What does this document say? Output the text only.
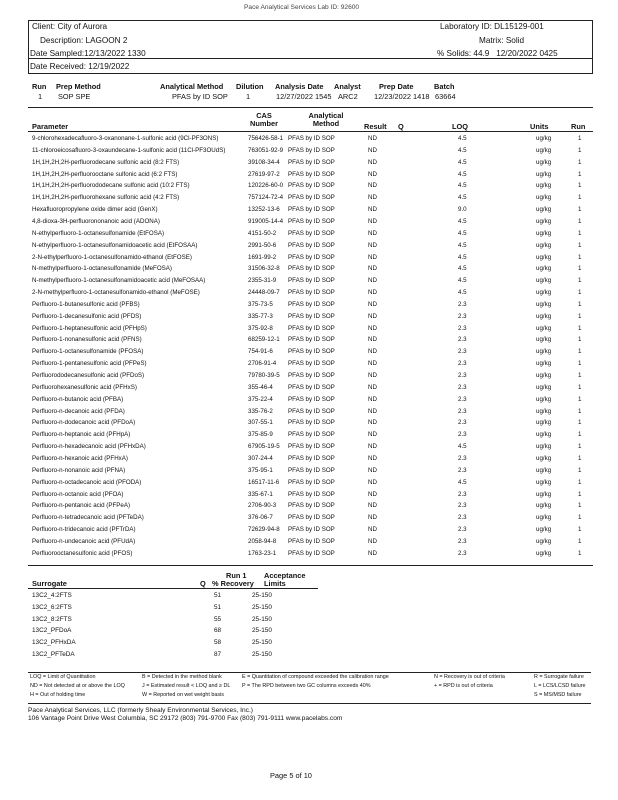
Pace Analytical Services Lab ID: 92600
Client: City of Aurora	Laboratory ID: DL15129-001
Description: LAGOON 2	Matrix: Solid
Date Sampled:12/13/2022 1330	% Solids: 44.9 12/20/2022 0425
Date Received: 12/19/2022
Run Prep Method	Analytical Method Dilution Analysis Date Analyst Prep Date	Batch
1 SOP SPE	PFAS by ID SOP 1	12/27/2022 1545 ARC2 12/23/2022 1418 63664
Parameter
CAS Number
Analytical Method	Result Q	LOQ	Units	Run
9-chlorohexadecafluoro-3-oxanonane-1-sulfonic acid (9Cl-PF3ONS)	756426-58-1 PFAS by ID SOP	ND	4.5	ug/kg	1
11-chloroeicosafluoro-3-oxaundecane-1-sulfonic acid (11Cl-PF3OUdS)	763051-92-9 PFAS by ID SOP	ND	4.5	ug/kg	1
1H,1H,2H,2H-perfluorodecane sulfonic acid (8:2 FTS)	39108-34-4 PFAS by ID SOP	ND	4.5	ug/kg	1
1H,1H,2H,2H-perfluorooctane sulfonic acid (6:2 FTS)	27619-97-2 PFAS by ID SOP	ND	4.5	ug/kg	1
1H,1H,2H,2H-perfluorododecane sulfonic acid (10:2 FTS)	120226-60-0 PFAS by ID SOP	ND	4.5	ug/kg	1
1H,1H,2H,2H-perfluorohexane sulfonic acid (4:2 FTS)	757124-72-4 PFAS by ID SOP	ND	4.5	ug/kg	1
Hexafluoropropylene oxide dimer acid (GenX)	13252-13-6 PFAS by ID SOP	ND	9.0	ug/kg	1
4,8-dioxa-3H-perfluorononanoic acid (ADONA)	919005-14-4 PFAS by ID SOP	ND	4.5	ug/kg	1
N-ethylperfluoro-1-octanesulfonamide (EtFOSA)	4151-50-2 PFAS by ID SOP	ND	4.5	ug/kg	1
N-ethylperfluoro-1-octanesulfonamidoacetic acid (EtFOSAA)	2991-50-6 PFAS by ID SOP	ND	4.5	ug/kg	1
2-N-ethylperfluoro-1-octanesulfonamido-ethanol (EtFOSE)	1691-99-2 PFAS by ID SOP	ND	4.5	ug/kg	1
N-methylperfluoro-1-octanesulfonamide (MeFOSA)	31506-32-8 PFAS by ID SOP	ND	4.5	ug/kg	1
N-methylperfluoro-1-octanesulfonamidoacetic acid (MeFOSAA)	2355-31-9 PFAS by ID SOP	ND	4.5	ug/kg	1
2-N-methylperfluoro-1-octanesulfonamido-ethanol (MeFOSE)	24448-09-7 PFAS by ID SOP	ND	4.5	ug/kg	1
Perfluoro-1-butanesulfonic acid (PFBS)	375-73-5 PFAS by ID SOP	ND	2.3	ug/kg	1
Perfluoro-1-decanesulfonic acid (PFDS)	335-77-3 PFAS by ID SOP	ND	2.3	ug/kg	1
Perfluoro-1-heptanesulfonic acid (PFHpS)	375-92-8 PFAS by ID SOP	ND	2.3	ug/kg	1
Perfluoro-1-nonanesulfonic acid (PFNS)	68259-12-1 PFAS by ID SOP	ND	2.3	ug/kg	1
Perfluoro-1-octanesulfonamide (PFOSA)	754-91-6 PFAS by ID SOP	ND	2.3	ug/kg	1
Perfluoro-1-pentanesulfonic acid (PFPeS)	2706-91-4 PFAS by ID SOP	ND	2.3	ug/kg	1
Perfluorododecanesulfonic acid (PFDoS)	79780-39-5 PFAS by ID SOP	ND	2.3	ug/kg	1
Perfluorohexanesulfonic acid (PFHxS)	355-46-4 PFAS by ID SOP	ND	2.3	ug/kg	1
Perfluoro-n-butanoic acid (PFBA)	375-22-4 PFAS by ID SOP	ND	2.3	ug/kg	1
Perfluoro-n-decanoic acid (PFDA)	335-76-2 PFAS by ID SOP	ND	2.3	ug/kg	1
Perfluoro-n-dodecanoic acid (PFDoA)	307-55-1 PFAS by ID SOP	ND	2.3	ug/kg	1
Perfluoro-n-heptanoic acid (PFHpA)	375-85-9 PFAS by ID SOP	ND	2.3	ug/kg	1
Perfluoro-n-hexadecanoic acid (PFHxDA)	67905-19-5 PFAS by ID SOP	ND	4.5	ug/kg	1
Perfluoro-n-hexanoic acid (PFHxA)	307-24-4 PFAS by ID SOP	ND	2.3	ug/kg	1
Perfluoro-n-nonanoic acid (PFNA)	375-95-1 PFAS by ID SOP	ND	2.3	ug/kg	1
Perfluoro-n-octadecanoic acid (PFODA)	16517-11-6 PFAS by ID SOP	ND	4.5	ug/kg	1
Perfluoro-n-octanoic acid (PFOA)	335-67-1 PFAS by ID SOP	ND	2.3	ug/kg	1
Perfluoro-n-pentanoic acid (PFPeA)	2706-90-3 PFAS by ID SOP	ND	2.3	ug/kg	1
Perfluoro-n-tetradecanoic acid (PFTeDA)	376-06-7 PFAS by ID SOP	ND	2.3	ug/kg	1
Perfluoro-n-tridecanoic acid (PFTrDA)	72629-94-8 PFAS by ID SOP	ND	2.3	ug/kg	1
Perfluoro-n-undecanoic acid (PFUdA)	2058-94-8 PFAS by ID SOP	ND	2.3	ug/kg	1
Perfluorooctanesulfonic acid (PFOS)	1763-23-1 PFAS by ID SOP	ND	2.3	ug/kg	1
Run 1
% Recovery
Acceptance
Limits
Surrogate	Q
13C2_4:2FTS	51	25-150
13C2_6:2FTS	51	25-150
13C2_8:2FTS	55	25-150
13C2_PFDoA	68	25-150
13C2_PFHxDA	58	25-150
13C2_PFTeDA	87	25-150
LOQ = Limit of Quantitation
ND = Not detected at or above the LOQ
H = Out of holding time
B = Detected in the method blank
J = Estimated result < LOQ and ≥ DL
W = Reported on wet weight basis
E = Quantitation of compound exceeded the calibration range
P = The RPD between two GC columns exceeds 40%
N = Recovery is out of criteria
+ = RPD is out of criteria
R = Surrogate failure
L = LCS/LCSD failure
S = MS/MSD failure
Pace Analytical Services, LLC (formerly Shealy Environmental Services, Inc.)
106 Vantage Point Drive West Columbia, SC 29172 (803) 791-9700 Fax (803) 791-9111 www.pacelabs.com
Page 5 of 10
